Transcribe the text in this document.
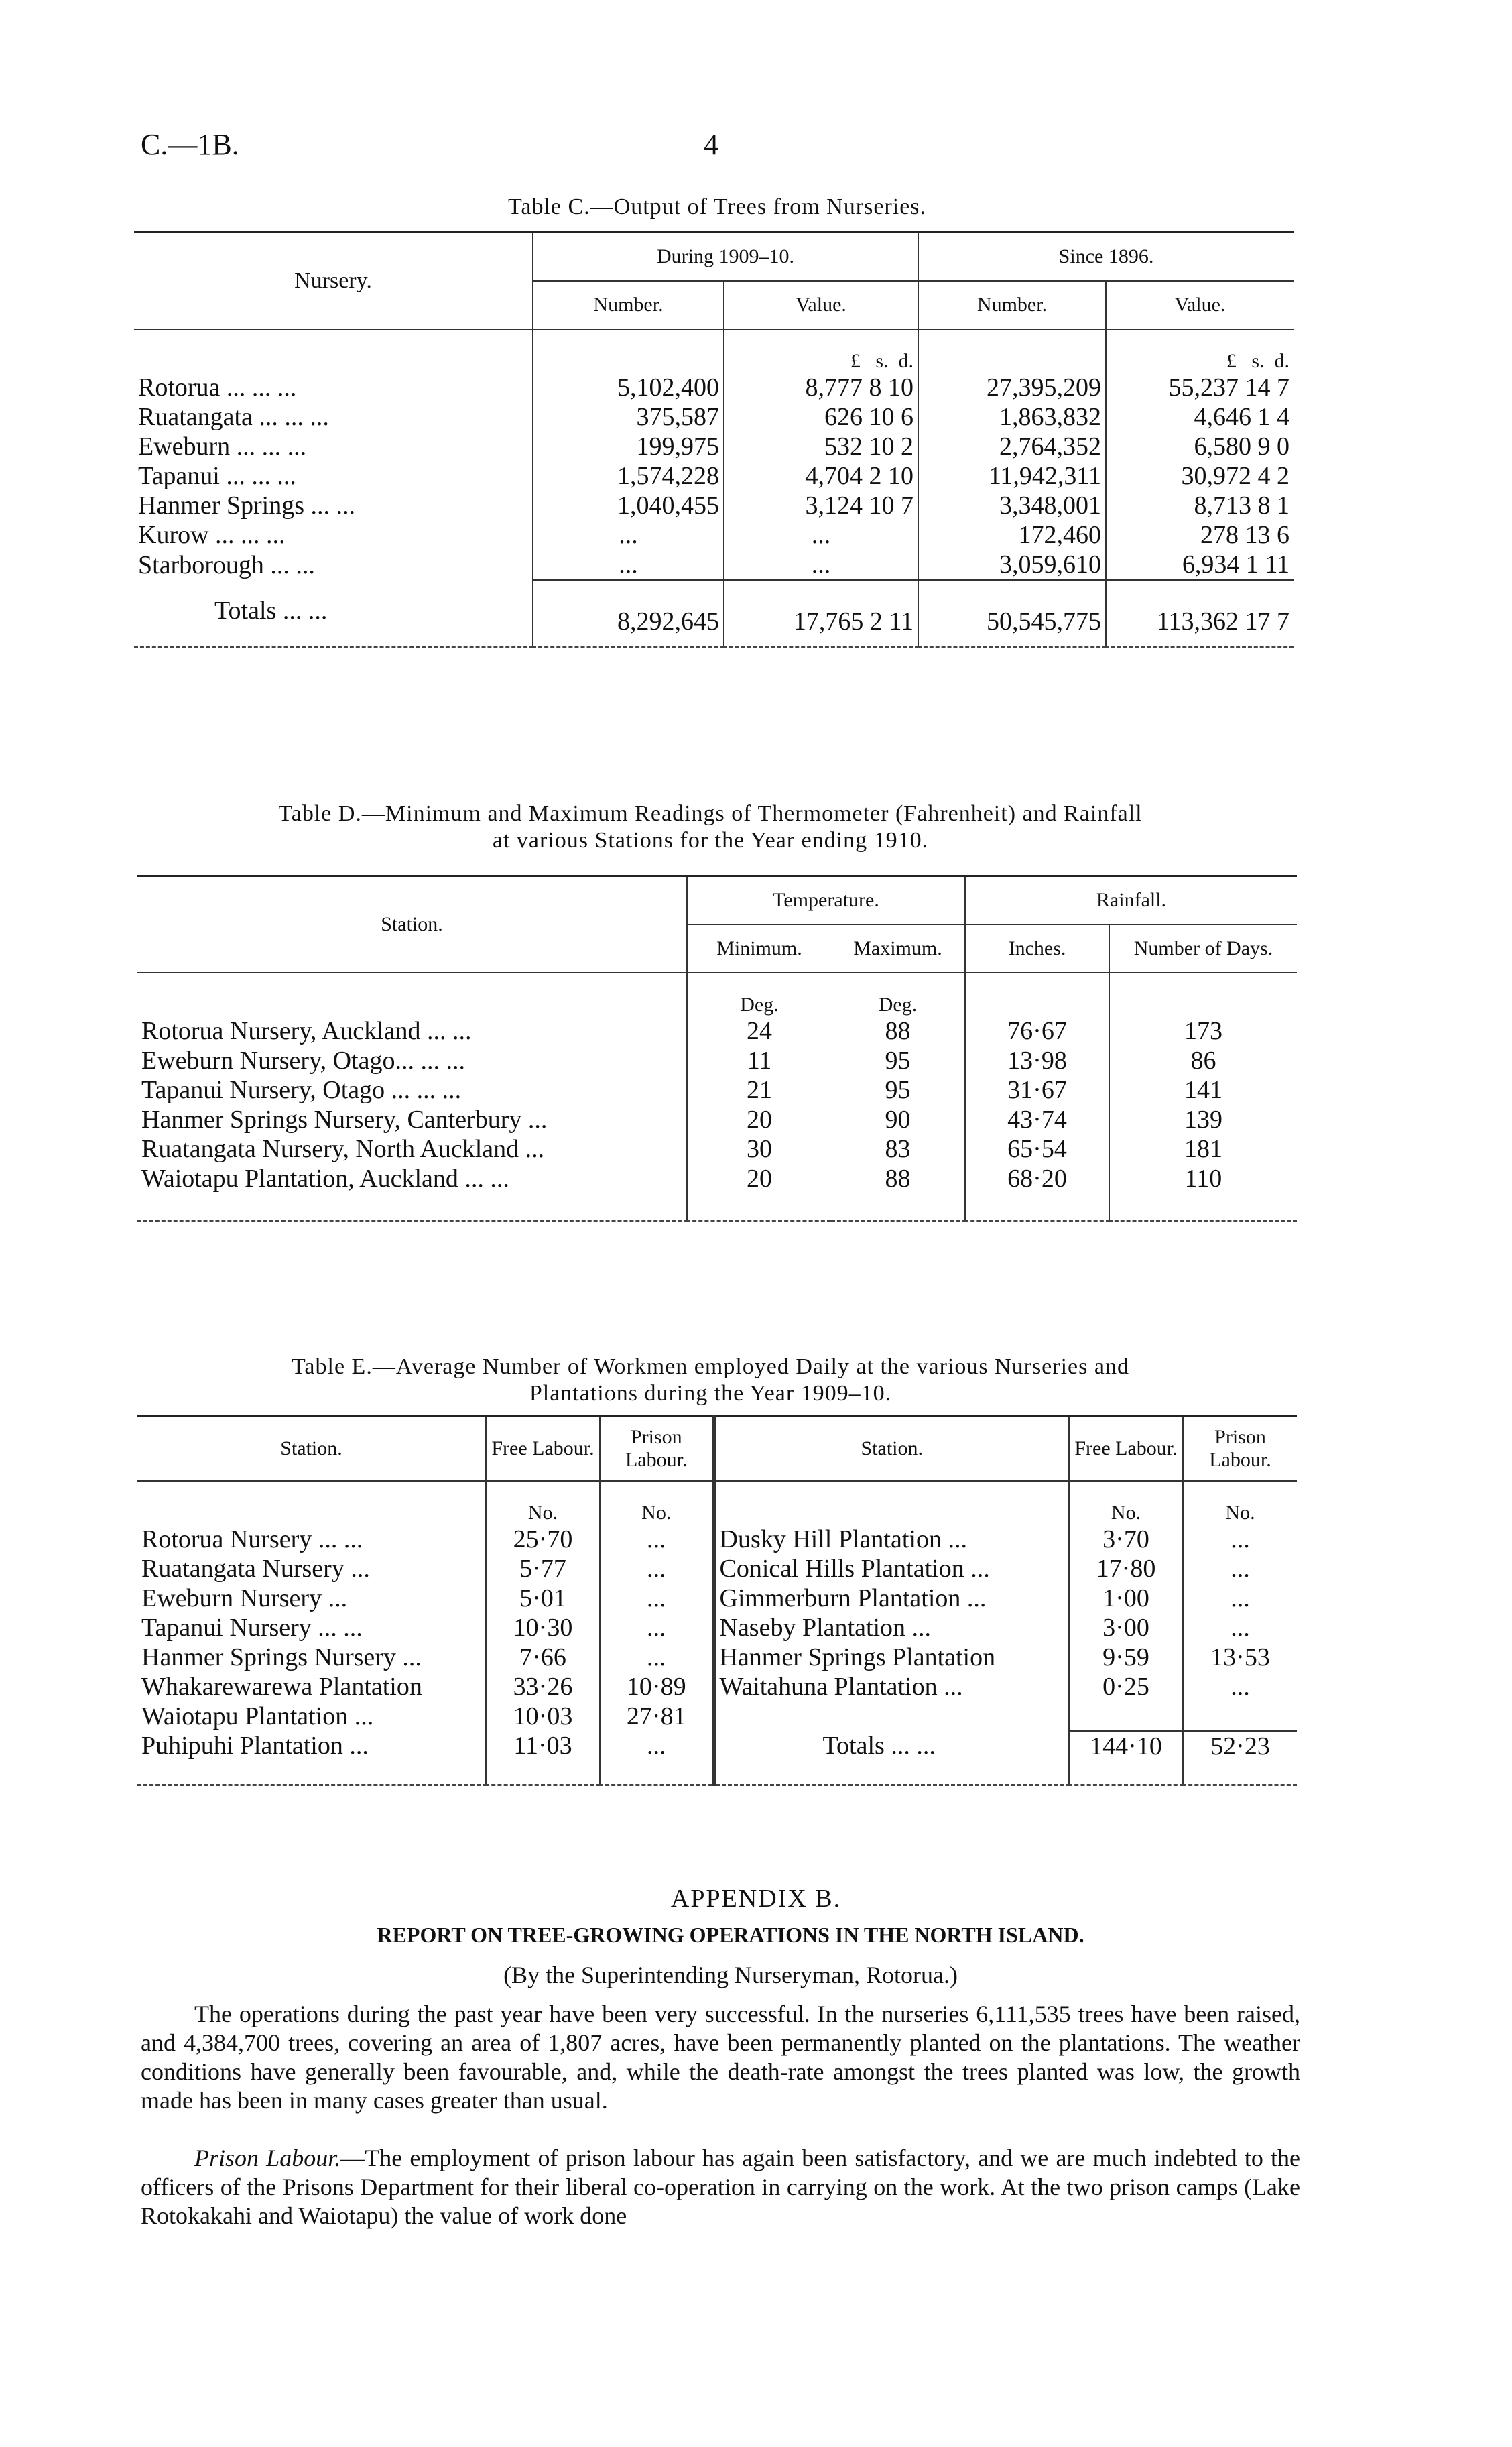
C.—1B.	4
Table C.—Output of Trees from Nurseries.
Nursery.	During 1909–10.		Since 1896.	
	Number.	Value.	Number.	Value.
		£ s. d.		£ s. d.
Rotorua ... ... ...	5,102,400	8,777 8 10	27,395,209	55,237 14 7
Ruatangata ... ... ...	375,587	626 10 6	1,863,832	4,646 1 4
Eweburn ... ... ...	199,975	532 10 2	2,764,352	6,580 9 0
Tapanui ... ... ...	1,574,228	4,704 2 10	11,942,311	30,972 4 2
Hanmer Springs ... ...	1,040,455	3,124 10 7	3,348,001	8,713 8 1
Kurow ... ... ...	...	...	172,460	278 13 6
Starborough ... ...	...	...	3,059,610	6,934 1 11
Totals ... ...	8,292,645	17,765 2 11	50,545,775	113,362 17 7
Table D.—Minimum and Maximum Readings of Thermometer (Fahrenheit) and Rainfall
at various Stations for the Year ending 1910.
Station.	Temperature.		Rainfall.	
	Minimum.	Maximum.	Inches.	Number of Days.
	Deg.	Deg.		
Rotorua Nursery, Auckland ... ...	24	88	76·67	173
Eweburn Nursery, Otago... ... ...	11	95	13·98	86
Tapanui Nursery, Otago ... ... ...	21	95	31·67	141
Hanmer Springs Nursery, Canterbury ...	20	90	43·74	139
Ruatangata Nursery, North Auckland ...	30	83	65·54	181
Waiotapu Plantation, Auckland ... ...	20	88	68·20	110
Table E.—Average Number of Workmen employed Daily at the various Nurseries and
Plantations during the Year 1909–10.
Station.	Free Labour.	Prison Labour.	Station.	Free Labour.	Prison Labour.
	No.	No.		No.	No.
Rotorua Nursery ... ...	25·70	...	Dusky Hill Plantation ...	3·70	...
Ruatangata Nursery ...	5·77	...	Conical Hills Plantation ...	17·80	...
Eweburn Nursery ...	5·01	...	Gimmerburn Plantation ...	1·00	...
Tapanui Nursery ... ...	10·30	...	Naseby Plantation ...	3·00	...
Hanmer Springs Nursery ...	7·66	...	Hanmer Springs Plantation	9·59	13·53
Whakarewarewa Plantation	33·26	10·89	Waitahuna Plantation ...	0·25	...
Waiotapu Plantation ...	10·03	27·81			
Puhipuhi Plantation ...	11·03	...	Totals ... ...	144·10	52·23
APPENDIX B.
REPORT ON TREE-GROWING OPERATIONS IN THE NORTH ISLAND.
(By the Superintending Nurseryman, Rotorua.)
The operations during the past year have been very successful. In the nurseries 6,111,535 trees have been raised, and 4,384,700 trees, covering an area of 1,807 acres, have been permanently planted on the plantations. The weather conditions have generally been favourable, and, while the death-rate amongst the trees planted was low, the growth made has been in many cases greater than usual.
Prison Labour.—The employment of prison labour has again been satisfactory, and we are much indebted to the officers of the Prisons Department for their liberal co-operation in carrying on the work. At the two prison camps (Lake Rotokakahi and Waiotapu) the value of work done
